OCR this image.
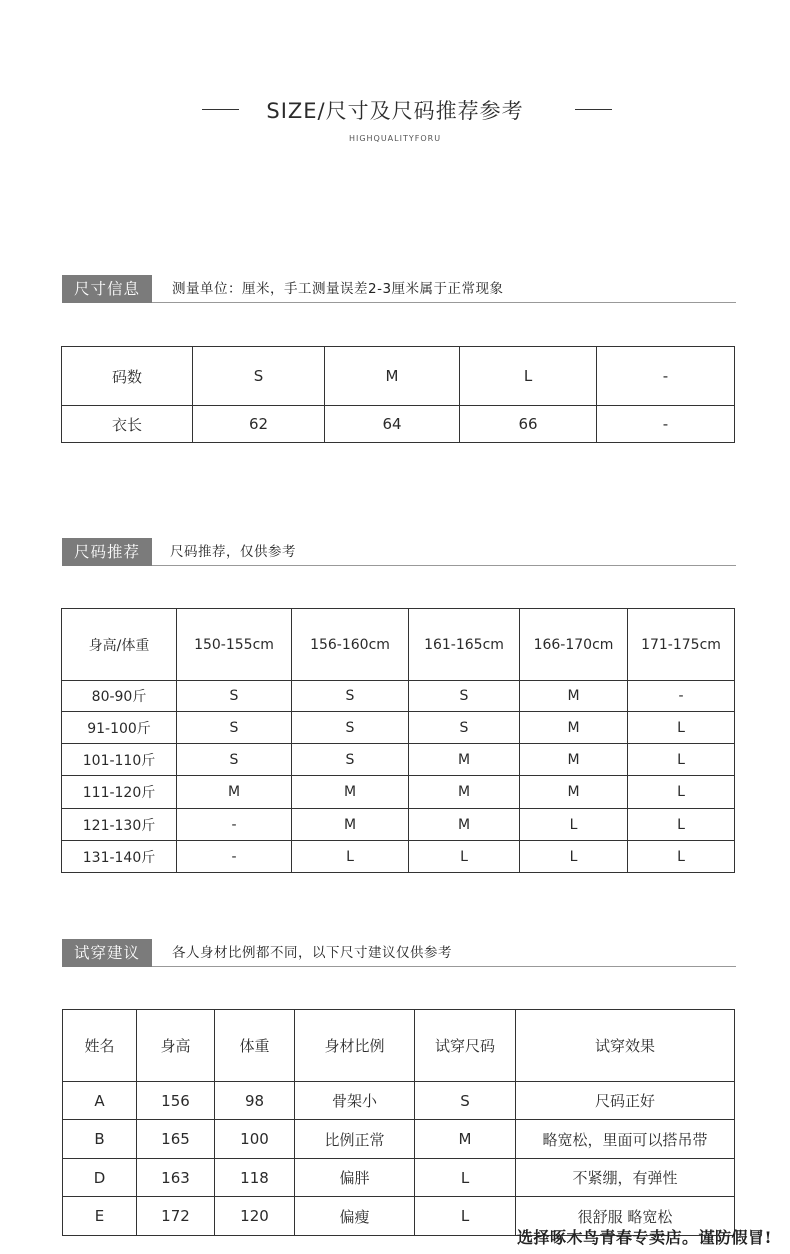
SIZE/尺寸及尺码推荐参考
HIGHQUALITYFORU
尺寸信息	测量单位：厘米，手工测量误差2-3厘米属于正常现象
码数	S	M	L	-
衣长	62	64	66	-
尺码推荐	尺码推荐，仅供参考
身高/体重	150-155cm	156-160cm	161-165cm	166-170cm	171-175cm
80-90斤	S	S	S	M	-
91-100斤	S	S	S	M	L
101-110斤	S	S	M	M	L
111-120斤	M	M	M	M	L
121-130斤	-	M	M	L	L
131-140斤	-	L	L	L	L
试穿建议	各人身材比例都不同，以下尺寸建议仅供参考
姓名	身高	体重	身材比例	试穿尺码	试穿效果
A	156	98	骨架小	S	尺码正好
B	165	100	比例正常	M	略宽松，里面可以搭吊带
D	163	118	偏胖	L	不紧绷，有弹性
E	172	120	偏瘦	L	很舒服 略宽松
选择啄木鸟青春专卖店。谨防假冒!
